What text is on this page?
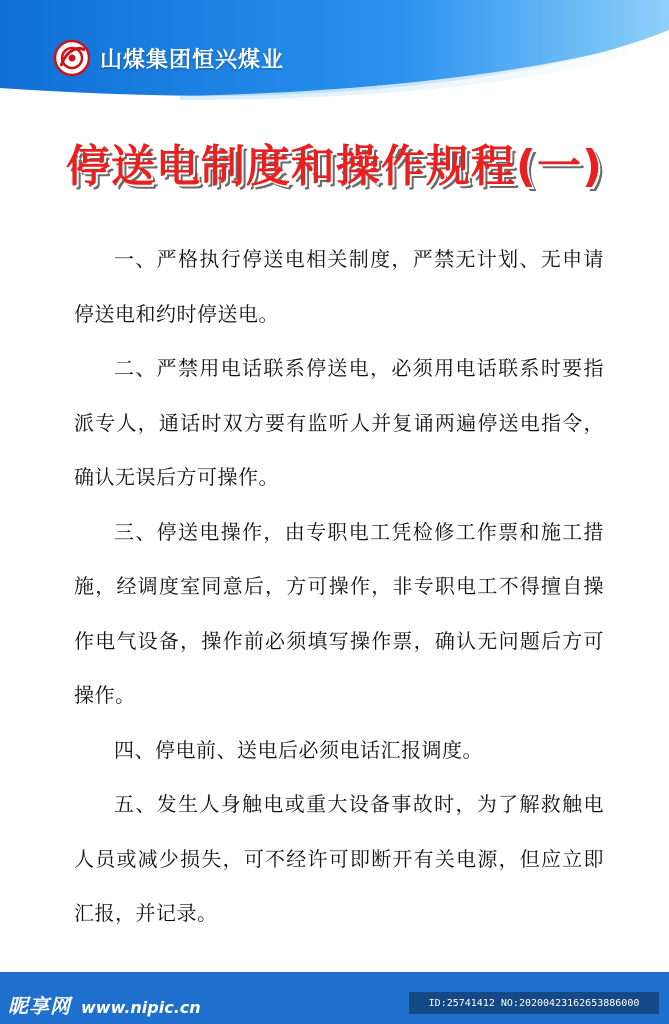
山煤集团恒兴煤业
停送电制度和操作规程(一)

一、严格执行停送电相关制度，严禁无计划、无申请停送电和约时停送电。

二、严禁用电话联系停送电，必须用电话联系时要指派专人，通话时双方要有监听人并复诵两遍停送电指令，确认无误后方可操作。

三、停送电操作，由专职电工凭检修工作票和施工措施，经调度室同意后，方可操作，非专职电工不得擅自操作电气设备，操作前必须填写操作票，确认无问题后方可操作。

四、停电前、送电后必须电话汇报调度。

五、发生人身触电或重大设备事故时，为了解救触电人员或减少损失，可不经许可即断开有关电源，但应立即汇报，并记录。

昵享网 www.nipic.cn	ID:25741412 NO:20200423162653886000
